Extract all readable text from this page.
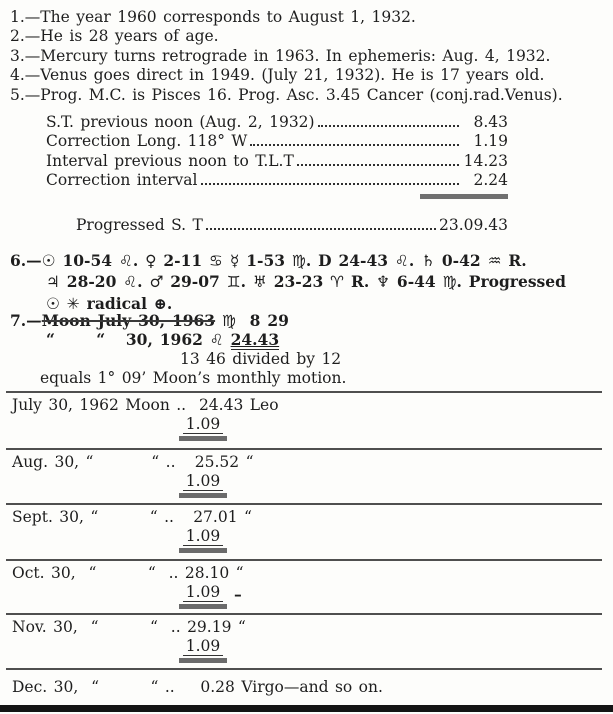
1.—The year 1960 corresponds to August 1, 1932.
2.—He is 28 years of age.
3.—Mercury turns retrograde in 1963. In ephemeris: Aug. 4, 1932.
4.—Venus goes direct in 1949. (July 21, 1932). He is 17 years old.
5.—Prog. M.C. is Pisces 16. Prog. Asc. 3.45 Cancer (conj.rad.Venus).
S.T. previous noon (Aug. 2, 1932)	8.43
Correction Long. 118° W	1.19
Interval previous noon to T.L.T	14.23
Correction interval	2.24
Progressed S. T	23.09.43
6.—☉ 10-54 ♌. ♀ 2-11 ♋ ☿ 1-53 ♍. D 24-43 ♌. ♄ 0-42 ♒ R.
♃ 28-20 ♌. ♂ 29-07 ♊. ♅ 23-23 ♈ R. ♆ 6-44 ♍. Progressed
☉ ✳ radical ⊕.
7.—Moon July 30, 1963 ♍  8 29
“      “   30, 1962 ♌ 24.43
13 46 divided by 12
equals 1° 09’ Moon’s monthly motion.
July 30, 1962 Moon ..  24.43 Leo
1.09
Aug. 30, “         “ ..   25.52 “
1.09
Sept. 30, “        “ ..   27.01 “
1.09
Oct. 30,  “        “  .. 28.10 “
1.09 –
Nov. 30,  “        “  .. 29.19 “
1.09
Dec. 30,  “        “ ..    0.28 Virgo—and so on.
